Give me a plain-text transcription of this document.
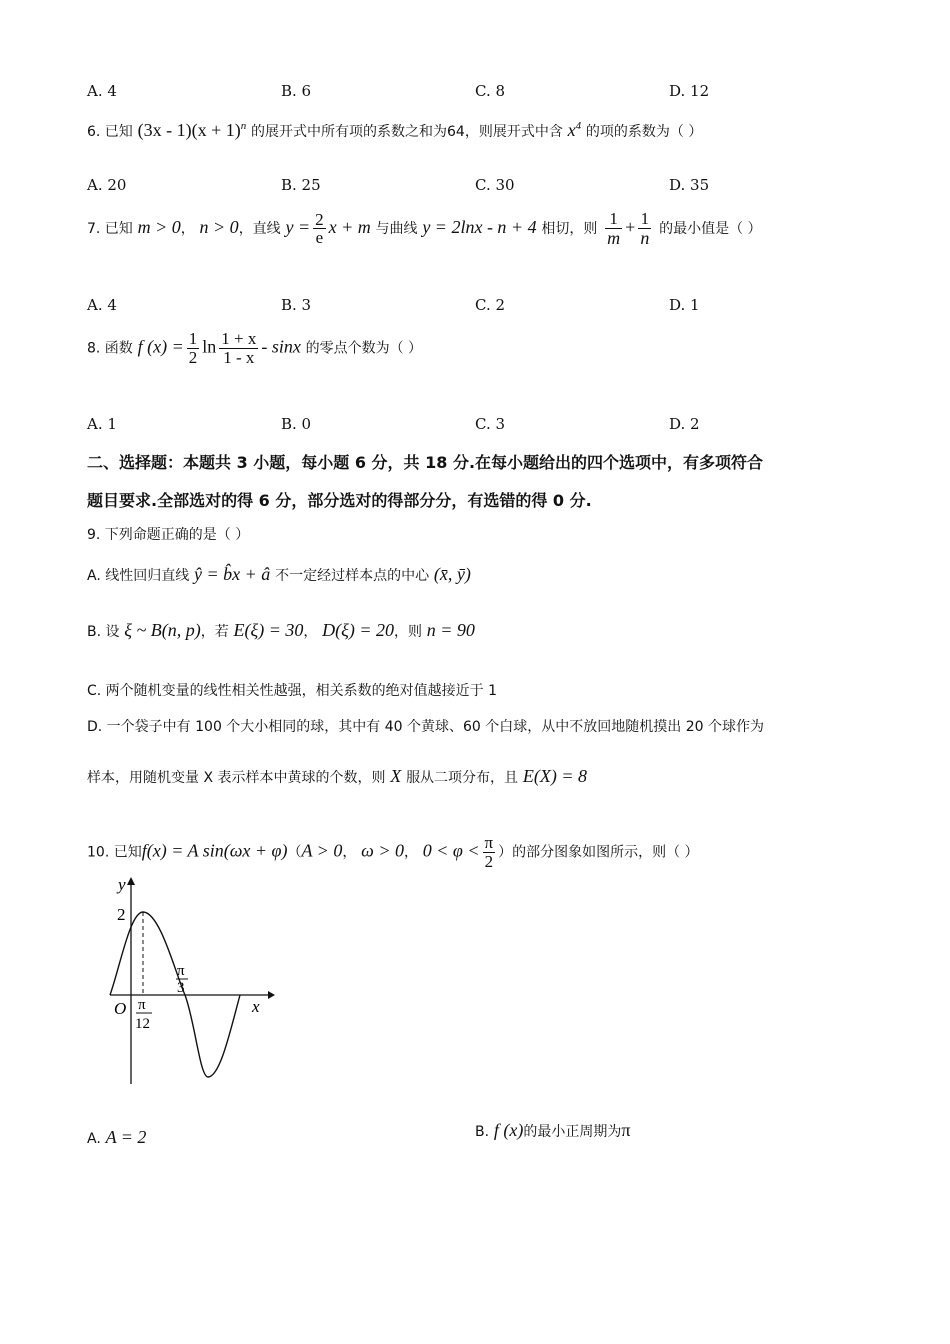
A. 4	B. 6	C. 8	D. 12
6. 已知 $(3x - 1)(x + 1)^n$ 的展开式中所有项的系数之和为64，则展开式中含 $x^4$ 的项的系数为（ ）
A. 20	B. 25	C. 30	D. 35
7. 已知 m > 0， n > 0，直线 $y = \frac{2}{e}$ x + m 与曲线 y = 2lnx - n + 4 相切，则 $\frac{1}{m} + \frac{1}{n}$ 的最小值是（ ）
A. 4	B. 3	C. 2	D. 1
8. 函数 f $(x) = \frac{1}{2}$ $\ln \frac{1 + x}{1 - x}$ - sinx 的零点个数为（ ）
A. 1	B. 0	C. 3	D. 2
二、选择题：本题共 3 小题，每小题 6 分，共 18 分.在每小题给出的四个选项中，有多项符合
题目要求.全部选对的得 6 分，部分选对的得部分分，有选错的得 0 分.
9. 下列命题正确的是（ ）
A. 线性回归直线 ŷ = b̂x + â 不一定经过样本点的中心 (x̄, ȳ)
B. 设 ξ ~ B(n, p)，若 E(ξ) = 30， D(ξ) = 20，则 n = 90
C. 两个随机变量的线性相关性越强，相关系数的绝对值越接近于 1
D. 一个袋子中有 100 个大小相同的球，其中有 40 个黄球、60 个白球，从中不放回地随机摸出 20 个球作为
样本，用随机变量 X 表示样本中黄球的个数，则 X 服从二项分布，且 E(X) = 8
10. 已知f(x) = A sin(ωx + φ)（A > 0， ω > 0， $0 < \varphi < \frac{\pi}{2}$ ）的部分图象如图所示，则（ ）
y
x
O
2
π
12
π
3
A. A = 2	B. f (x)的最小正周期为π
